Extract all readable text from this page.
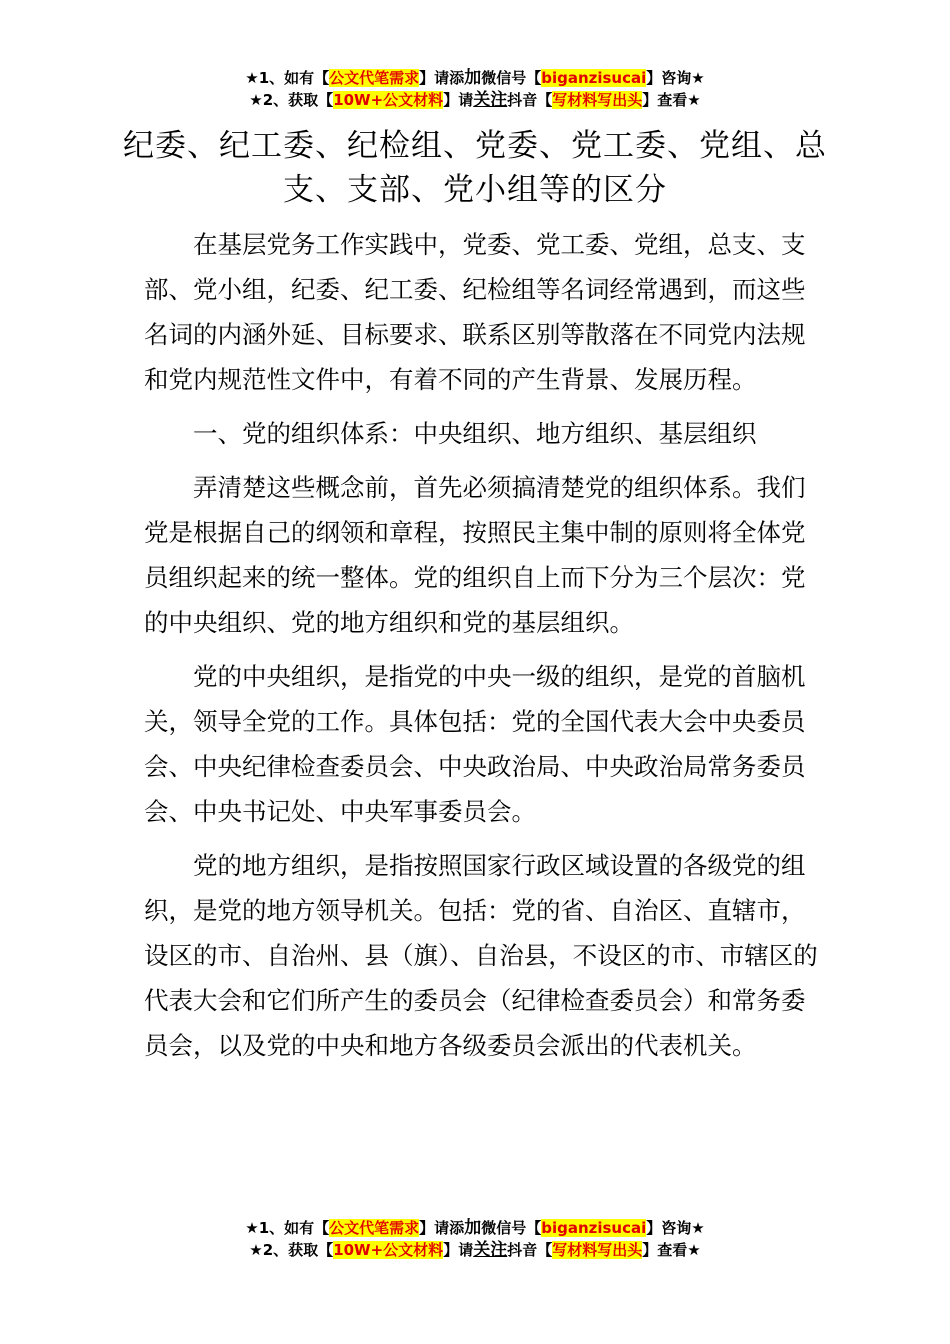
★1、如有【公文代笔需求】请添加微信号【biganzisucai】咨询★
★2、获取【10W+公文材料】请关注抖音【写材料写出头】查看★
纪委、纪工委、纪检组、党委、党工委、党组、总支、支部、党小组等的区分

在基层党务工作实践中，党委、党工委、党组，总支、支部、党小组，纪委、纪工委、纪检组等名词经常遇到，而这些名词的内涵外延、目标要求、联系区别等散落在不同党内法规和党内规范性文件中，有着不同的产生背景、发展历程。

一、党的组织体系：中央组织、地方组织、基层组织

弄清楚这些概念前，首先必须搞清楚党的组织体系。我们党是根据自己的纲领和章程，按照民主集中制的原则将全体党员组织起来的统一整体。党的组织自上而下分为三个层次：党的中央组织、党的地方组织和党的基层组织。

党的中央组织，是指党的中央一级的组织，是党的首脑机关，领导全党的工作。具体包括：党的全国代表大会中央委员会、中央纪律检查委员会、中央政治局、中央政治局常务委员会、中央书记处、中央军事委员会。

党的地方组织，是指按照国家行政区域设置的各级党的组织，是党的地方领导机关。包括：党的省、自治区、直辖市，设区的市、自治州、县（旗）、自治县，不设区的市、市辖区的代表大会和它们所产生的委员会（纪律检查委员会）和常务委员会，以及党的中央和地方各级委员会派出的代表机关。

★1、如有【公文代笔需求】请添加微信号【biganzisucai】咨询★
★2、获取【10W+公文材料】请关注抖音【写材料写出头】查看★
